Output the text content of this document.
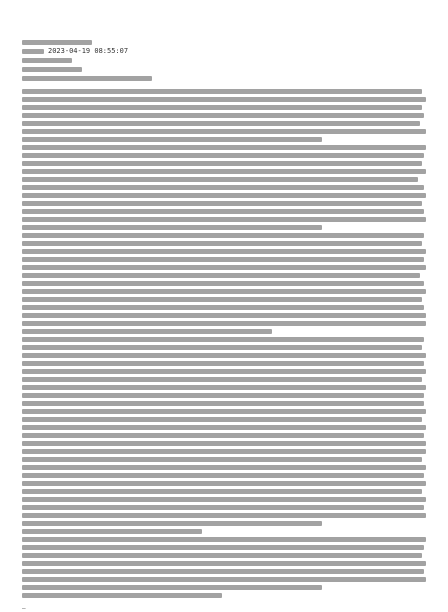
2023-04-19 08:55:07
—
